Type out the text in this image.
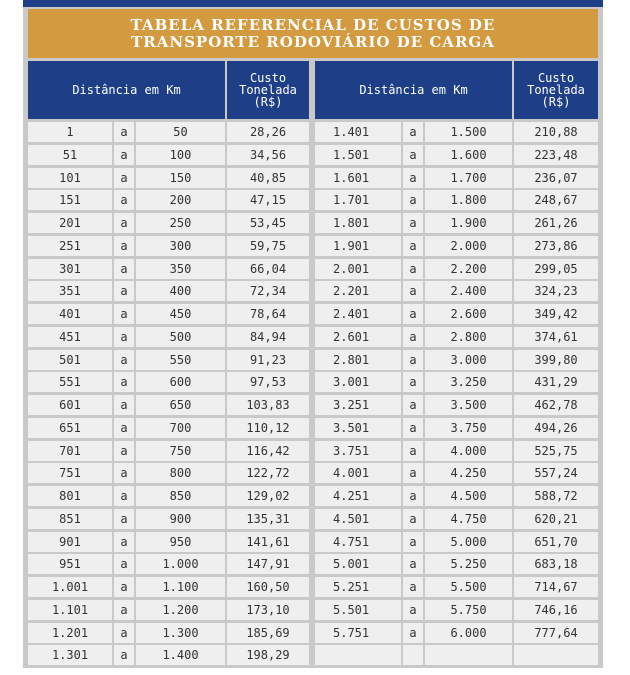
TABELA REFERENCIAL DE CUSTOS DE
TRANSPORTE RODOVIÁRIO DE CARGA
Distância em Km
Custo
Tonelada
(R$)
Distância em Km
Custo
Tonelada
(R$)
1	a	50	28,26
51	a	100	34,56
101	a	150	40,85
151	a	200	47,15
201	a	250	53,45
251	a	300	59,75
301	a	350	66,04
351	a	400	72,34
401	a	450	78,64
451	a	500	84,94
501	a	550	91,23
551	a	600	97,53
601	a	650	103,83
651	a	700	110,12
701	a	750	116,42
751	a	800	122,72
801	a	850	129,02
851	a	900	135,31
901	a	950	141,61
951	a	1.000	147,91
1.001	a	1.100	160,50
1.101	a	1.200	173,10
1.201	a	1.300	185,69
1.301	a	1.400	198,29
1.401	a	1.500	210,88
1.501	a	1.600	223,48
1.601	a	1.700	236,07
1.701	a	1.800	248,67
1.801	a	1.900	261,26
1.901	a	2.000	273,86
2.001	a	2.200	299,05
2.201	a	2.400	324,23
2.401	a	2.600	349,42
2.601	a	2.800	374,61
2.801	a	3.000	399,80
3.001	a	3.250	431,29
3.251	a	3.500	462,78
3.501	a	3.750	494,26
3.751	a	4.000	525,75
4.001	a	4.250	557,24
4.251	a	4.500	588,72
4.501	a	4.750	620,21
4.751	a	5.000	651,70
5.001	a	5.250	683,18
5.251	a	5.500	714,67
5.501	a	5.750	746,16
5.751	a	6.000	777,64
